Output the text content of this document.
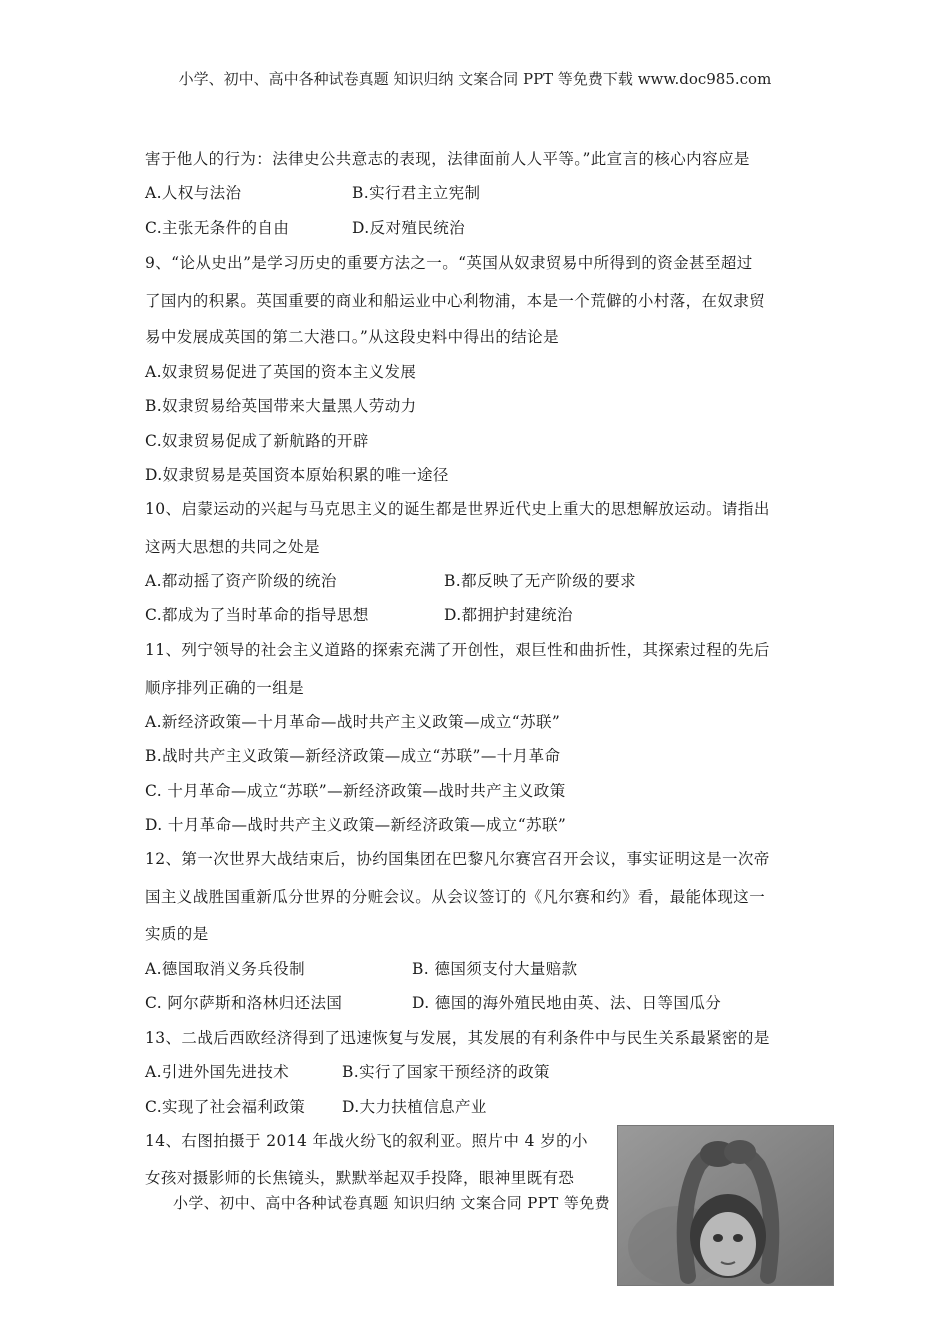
小学、初中、高中各种试卷真题 知识归纳 文案合同 PPT 等免费下载 www.doc985.com
害于他人的行为：法律史公共意志的表现，法律面前人人平等。”此宣言的核心内容应是
A.人权与法治	B.实行君主立宪制
C.主张无条件的自由	D.反对殖民统治
9、“论从史出”是学习历史的重要方法之一。“英国从奴隶贸易中所得到的资金甚至超过
了国内的积累。英国重要的商业和船运业中心利物浦，本是一个荒僻的小村落，在奴隶贸
易中发展成英国的第二大港口。”从这段史料中得出的结论是
A.奴隶贸易促进了英国的资本主义发展
B.奴隶贸易给英国带来大量黑人劳动力
C.奴隶贸易促成了新航路的开辟
D.奴隶贸易是英国资本原始积累的唯一途径
10、启蒙运动的兴起与马克思主义的诞生都是世界近代史上重大的思想解放运动。请指出
这两大思想的共同之处是
A.都动摇了资产阶级的统治	B.都反映了无产阶级的要求
C.都成为了当时革命的指导思想	D.都拥护封建统治
11、列宁领导的社会主义道路的探索充满了开创性，艰巨性和曲折性，其探索过程的先后
顺序排列正确的一组是
A.新经济政策—十月革命—战时共产主义政策—成立“苏联”
B.战时共产主义政策—新经济政策—成立“苏联”—十月革命
C. 十月革命—成立“苏联”—新经济政策—战时共产主义政策
D. 十月革命—战时共产主义政策—新经济政策—成立“苏联”
12、第一次世界大战结束后，协约国集团在巴黎凡尔赛宫召开会议，事实证明这是一次帝
国主义战胜国重新瓜分世界的分赃会议。从会议签订的《凡尔赛和约》看，最能体现这一
实质的是
A.德国取消义务兵役制	B. 德国须支付大量赔款
C. 阿尔萨斯和洛林归还法国	D. 德国的海外殖民地由英、法、日等国瓜分
13、二战后西欧经济得到了迅速恢复与发展，其发展的有利条件中与民生关系最紧密的是
A.引进外国先进技术	B.实行了国家干预经济的政策
C.实现了社会福利政策 D.大力扶植信息产业
14、右图拍摄于 2014 年战火纷飞的叙利亚。照片中 4 岁的小
女孩对摄影师的长焦镜头，默默举起双手投降，眼神里既有恐
小学、初中、高中各种试卷真题 知识归纳 文案合同 PPT 等免费
